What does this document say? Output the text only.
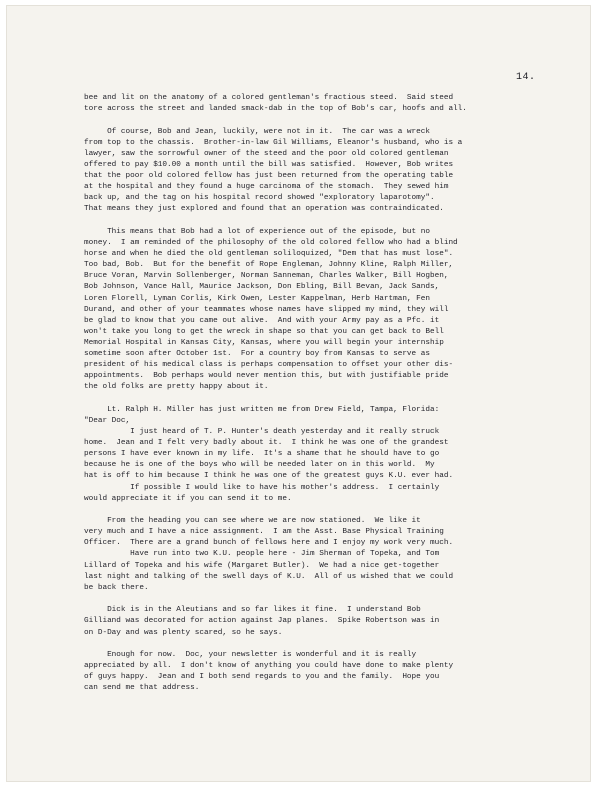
14.
bee and lit on the anatomy of a colored gentleman's fractious steed.  Said steed
tore across the street and landed smack-dab in the top of Bob's car, hoofs and all.
Of course, Bob and Jean, luckily, were not in it.  The car was a wreck
from top to the chassis.  Brother-in-law Gil Williams, Eleanor's husband, who is a
lawyer, saw the sorrowful owner of the steed and the poor old colored gentleman
offered to pay $10.00 a month until the bill was satisfied.  However, Bob writes
that the poor old colored fellow has just been returned from the operating table
at the hospital and they found a huge carcinoma of the stomach.  They sewed him
back up, and the tag on his hospital record showed "exploratory laparotomy".
That means they just explored and found that an operation was contraindicated.
This means that Bob had a lot of experience out of the episode, but no
money.  I am reminded of the philosophy of the old colored fellow who had a blind
horse and when he died the old gentleman soliloquized, "Dem that has must lose".
Too bad, Bob.  But for the benefit of Rope Engleman, Johnny Kline, Ralph Miller,
Bruce Voran, Marvin Sollenberger, Norman Sanneman, Charles Walker, Bill Hogben,
Bob Johnson, Vance Hall, Maurice Jackson, Don Ebling, Bill Bevan, Jack Sands,
Loren Florell, Lyman Corlis, Kirk Owen, Lester Kappelman, Herb Hartman, Fen
Durand, and other of your teammates whose names have slipped my mind, they will
be glad to know that you came out alive.  And with your Army pay as a Pfc. it
won't take you long to get the wreck in shape so that you can get back to Bell
Memorial Hospital in Kansas City, Kansas, where you will begin your internship
sometime soon after October 1st.  For a country boy from Kansas to serve as
president of his medical class is perhaps compensation to offset your other dis-
appointments.  Bob perhaps would never mention this, but with justifiable pride
the old folks are pretty happy about it.
Lt. Ralph H. Miller has just written me from Drew Field, Tampa, Florida:
"Dear Doc,
I just heard of T. P. Hunter's death yesterday and it really struck
home.  Jean and I felt very badly about it.  I think he was one of the grandest
persons I have ever known in my life.  It's a shame that he should have to go
because he is one of the boys who will be needed later on in this world.  My
hat is off to him because I think he was one of the greatest guys K.U. ever had.
If possible I would like to have his mother's address.  I certainly
would appreciate it if you can send it to me.
From the heading you can see where we are now stationed.  We like it
very much and I have a nice assignment.  I am the Asst. Base Physical Training
Officer.  There are a grand bunch of fellows here and I enjoy my work very much.
Have run into two K.U. people here - Jim Sherman of Topeka, and Tom
Lillard of Topeka and his wife (Margaret Butler).  We had a nice get-together
last night and talking of the swell days of K.U.  All of us wished that we could
be back there.
Dick is in the Aleutians and so far likes it fine.  I understand Bob
Gilliand was decorated for action against Jap planes.  Spike Robertson was in
on D-Day and was plenty scared, so he says.
Enough for now.  Doc, your newsletter is wonderful and it is really
appreciated by all.  I don't know of anything you could have done to make plenty
of guys happy.  Jean and I both send regards to you and the family.  Hope you
can send me that address.
